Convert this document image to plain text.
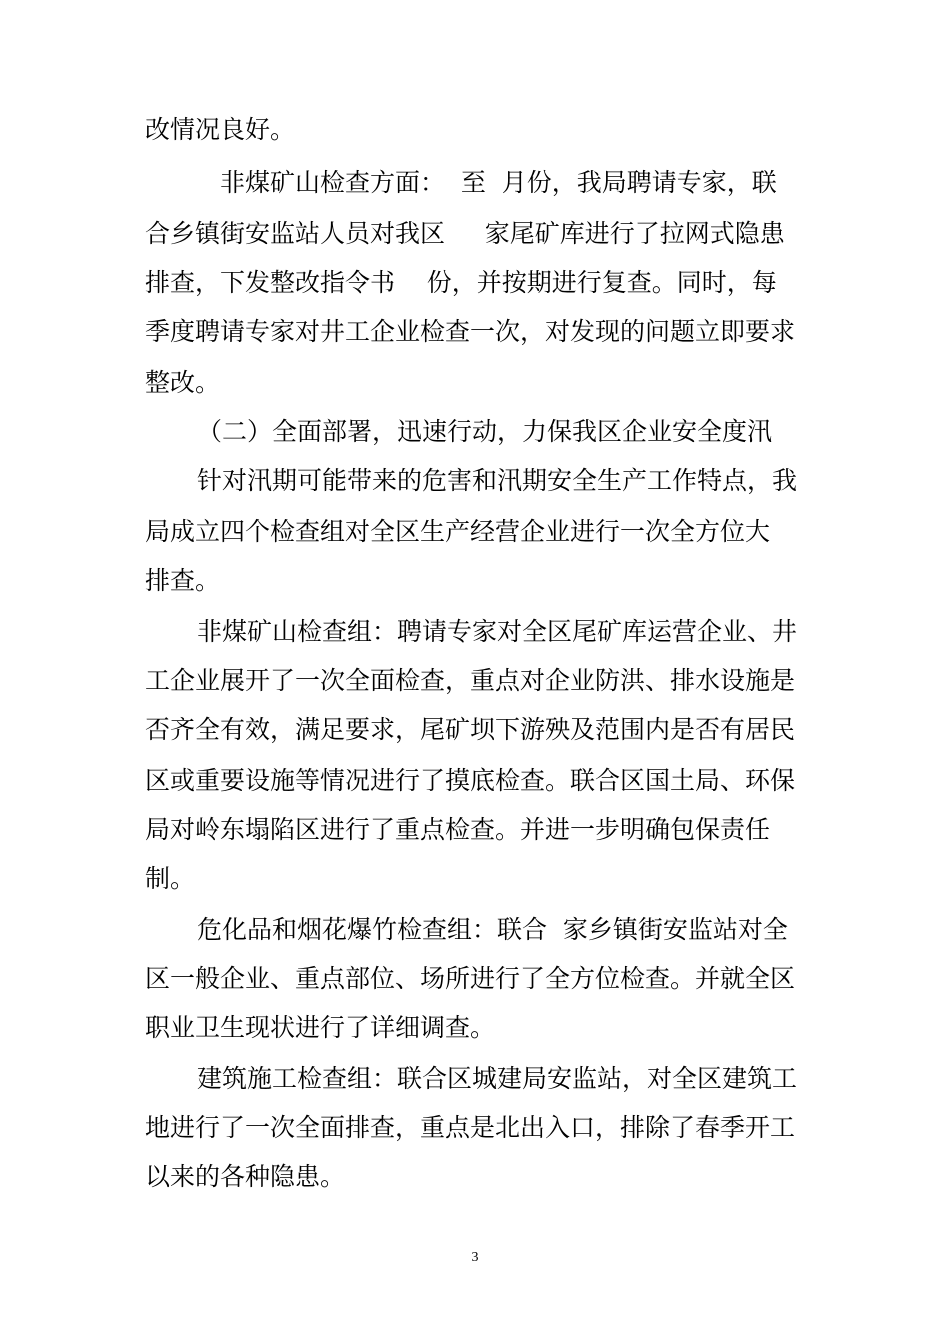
改情况良好。
非煤矿山检查方面：  至  月份，我局聘请专家，联
合乡镇街安监站人员对我区     家尾矿库进行了拉网式隐患
排查，下发整改指令书    份，并按期进行复查。同时，每
季度聘请专家对井工企业检查一次，对发现的问题立即要求
整改。
（二）全面部署，迅速行动，力保我区企业安全度汛
针对汛期可能带来的危害和汛期安全生产工作特点，我
局成立四个检查组对全区生产经营企业进行一次全方位大
排查。
非煤矿山检查组：聘请专家对全区尾矿库运营企业、井
工企业展开了一次全面检查，重点对企业防洪、排水设施是
否齐全有效，满足要求，尾矿坝下游殃及范围内是否有居民
区或重要设施等情况进行了摸底检查。联合区国土局、环保
局对岭东塌陷区进行了重点检查。并进一步明确包保责任
制。
危化品和烟花爆竹检查组：联合  家乡镇街安监站对全
区一般企业、重点部位、场所进行了全方位检查。并就全区
职业卫生现状进行了详细调查。
建筑施工检查组：联合区城建局安监站，对全区建筑工
地进行了一次全面排查，重点是北出入口，排除了春季开工
以来的各种隐患。
3
